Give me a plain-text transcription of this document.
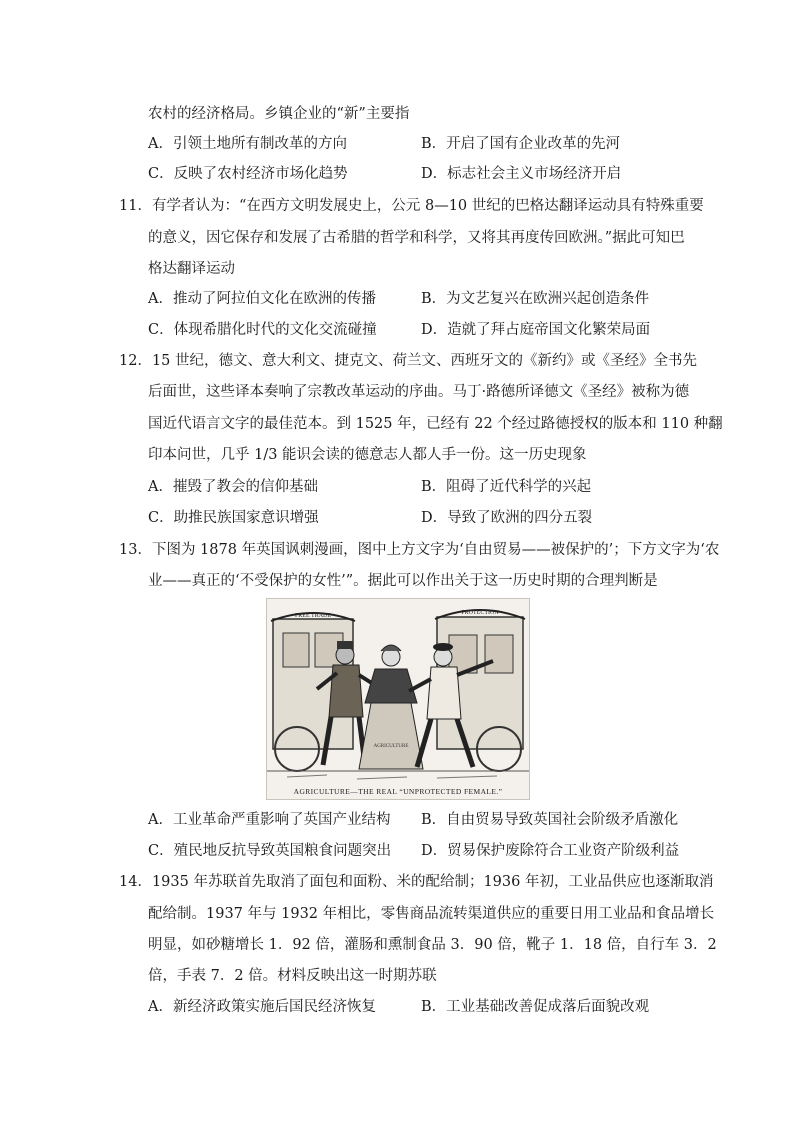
农村的经济格局。乡镇企业的“新”主要指
A．引领土地所有制改革的方向	B．开启了国有企业改革的先河
C．反映了农村经济市场化趋势	D．标志社会主义市场经济开启
11．有学者认为：“在西方文明发展史上，公元 8—10 世纪的巴格达翻译运动具有特殊重要
的意义，因它保存和发展了古希腊的哲学和科学，又将其再度传回欧洲。”据此可知巴
格达翻译运动
A．推动了阿拉伯文化在欧洲的传播	B．为文艺复兴在欧洲兴起创造条件
C．体现希腊化时代的文化交流碰撞	D．造就了拜占庭帝国文化繁荣局面
12．15 世纪，德文、意大利文、捷克文、荷兰文、西班牙文的《新约》或《圣经》全书先
后面世，这些译本奏响了宗教改革运动的序曲。马丁·路德所译德文《圣经》被称为德
国近代语言文字的最佳范本。到 1525 年，已经有 22 个经过路德授权的版本和 110 种翻
印本问世，几乎 1/3 能识会读的德意志人都人手一份。这一历史现象
A．摧毁了教会的信仰基础	B．阻碍了近代科学的兴起
C．助推民族国家意识增强	D．导致了欧洲的四分五裂
13．下图为 1878 年英国讽刺漫画，图中上方文字为‘自由贸易——被保护的’；下方文字为‘农
业——真正的‘不受保护的女性’”。据此可以作出关于这一历史时期的合理判断是
FREE TRADE	PROTECTION
AGRICULTURE
AGRICULTURE—THE REAL “UNPROTECTED FEMALE.”
A．工业革命严重影响了英国产业结构 B．自由贸易导致英国社会阶级矛盾激化
C．殖民地反抗导致英国粮食问题突出 D．贸易保护废除符合工业资产阶级利益
14．1935 年苏联首先取消了面包和面粉、米的配给制；1936 年初，工业品供应也逐渐取消
配给制。1937 年与 1932 年相比，零售商品流转渠道供应的重要日用工业品和食品增长
明显，如砂糖增长 1．92 倍，灌肠和熏制食品 3．90 倍，靴子 1．18 倍，自行车 3．2
倍，手表 7．2 倍。材料反映出这一时期苏联
A．新经济政策实施后国民经济恢复	B．工业基础改善促成落后面貌改观
